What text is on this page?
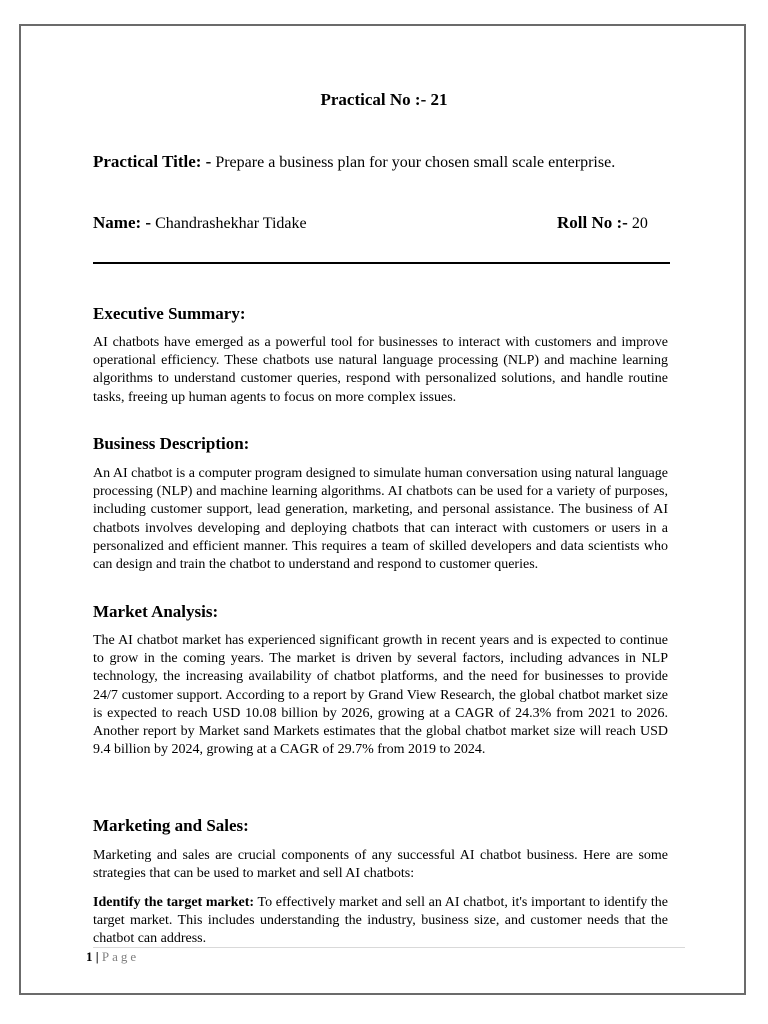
Practical No :- 21
Practical Title: - Prepare a business plan for your chosen small scale enterprise.
Name: - Chandrashekhar Tidake	Roll No :- 20
Executive Summary:

AI chatbots have emerged as a powerful tool for businesses to interact with customers and improve operational efficiency. These chatbots use natural language processing (NLP) and machine learning algorithms to understand customer queries, respond with personalized solutions, and handle routine tasks, freeing up human agents to focus on more complex issues.

Business Description:

An AI chatbot is a computer program designed to simulate human conversation using natural language processing (NLP) and machine learning algorithms. AI chatbots can be used for a variety of purposes, including customer support, lead generation, marketing, and personal assistance. The business of AI chatbots involves developing and deploying chatbots that can interact with customers or users in a personalized and efficient manner. This requires a team of skilled developers and data scientists who can design and train the chatbot to understand and respond to customer queries.

Market Analysis:

The AI chatbot market has experienced significant growth in recent years and is expected to continue to grow in the coming years. The market is driven by several factors, including advances in NLP technology, the increasing availability of chatbot platforms, and the need for businesses to provide 24/7 customer support. According to a report by Grand View Research, the global chatbot market size is expected to reach USD 10.08 billion by 2026, growing at a CAGR of 24.3% from 2021 to 2026. Another report by Market sand Markets estimates that the global chatbot market size will reach USD 9.4 billion by 2024, growing at a CAGR of 29.7% from 2019 to 2024.

Marketing and Sales:

Marketing and sales are crucial components of any successful AI chatbot business. Here are some strategies that can be used to market and sell AI chatbots:

Identify the target market: To effectively market and sell an AI chatbot, it's important to identify the target market. This includes understanding the industry, business size, and customer needs that the chatbot can address.

1 | Page
